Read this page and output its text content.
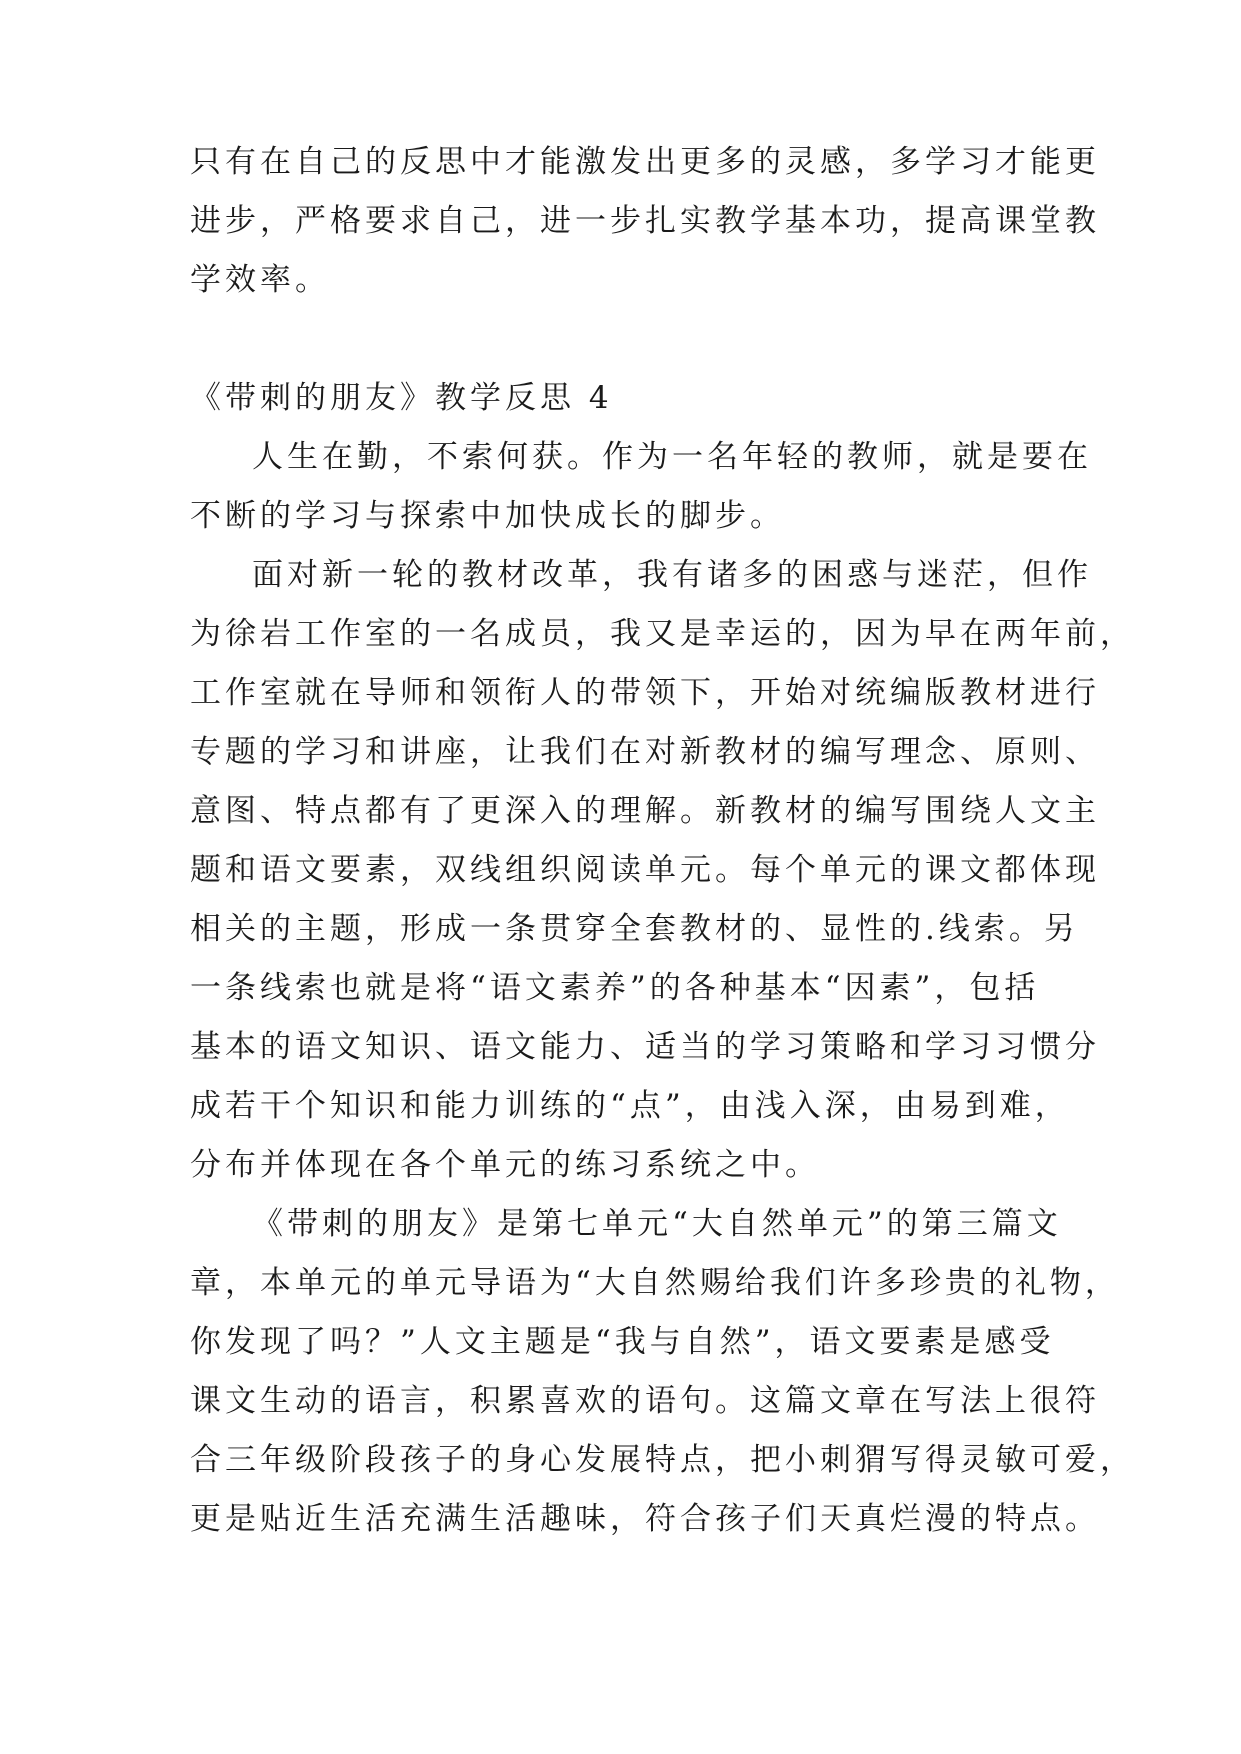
只有在自己的反思中才能激发出更多的灵感，多学习才能更
进步，严格要求自己，进一步扎实教学基本功，提高课堂教
学效率。
《带刺的朋友》教学反思 4
人生在勤，不索何获。作为一名年轻的教师，就是要在
不断的学习与探索中加快成长的脚步。
面对新一轮的教材改革，我有诸多的困惑与迷茫，但作
为徐岩工作室的一名成员，我又是幸运的，因为早在两年前，
工作室就在导师和领衔人的带领下，开始对统编版教材进行
专题的学习和讲座，让我们在对新教材的编写理念、原则、
意图、特点都有了更深入的理解。新教材的编写围绕人文主
题和语文要素，双线组织阅读单元。每个单元的课文都体现
相关的主题，形成一条贯穿全套教材的、显性的.线索。另
一条线索也就是将“语文素养”的各种基本“因素”，包括
基本的语文知识、语文能力、适当的学习策略和学习习惯分
成若干个知识和能力训练的“点”，由浅入深，由易到难，
分布并体现在各个单元的练习系统之中。
《带刺的朋友》是第七单元“大自然单元”的第三篇文
章，本单元的单元导语为“大自然赐给我们许多珍贵的礼物，
你发现了吗？”人文主题是“我与自然”，语文要素是感受
课文生动的语言，积累喜欢的语句。这篇文章在写法上很符
合三年级阶段孩子的身心发展特点，把小刺猬写得灵敏可爱，
更是贴近生活充满生活趣味，符合孩子们天真烂漫的特点。
